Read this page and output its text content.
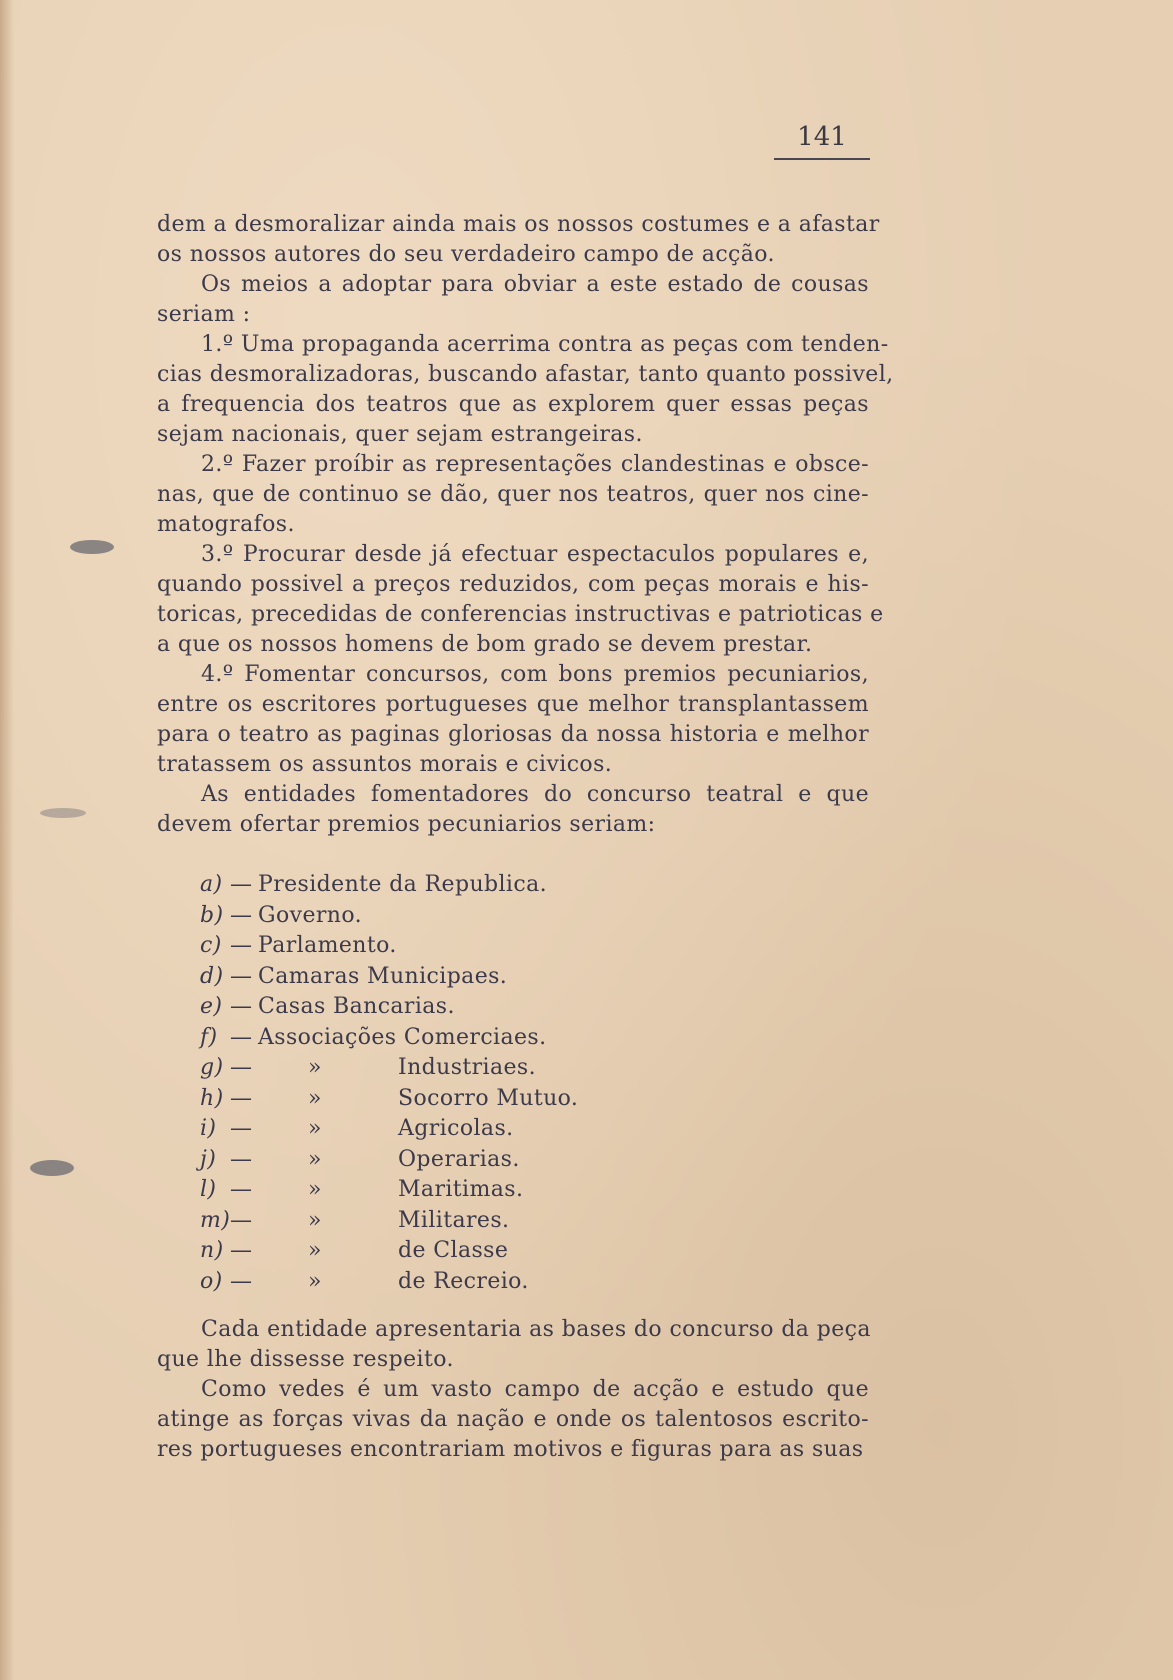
141

dem a desmoralizar ainda mais os nossos costumes e a afastar
os nossos autores do seu verdadeiro campo de acção.

Os meios a adoptar para obviar a este estado de cousas
seriam :

1.º Uma propaganda acerrima contra as peças com tenden-
cias desmoralizadoras, buscando afastar, tanto quanto possivel,
a frequencia dos teatros que as explorem quer essas peças
sejam nacionais, quer sejam estrangeiras.

2.º Fazer proíbir as representações clandestinas e obsce-
nas, que de continuo se dão, quer nos teatros, quer nos cine-
matografos.

3.º Procurar desde já efectuar espectaculos populares e,
quando possivel a preços reduzidos, com peças morais e his-
toricas, precedidas de conferencias instructivas e patrioticas e
a que os nossos homens de bom grado se devem prestar.

4.º Fomentar concursos, com bons premios pecuniarios,
entre os escritores portugueses que melhor transplantassem
para o teatro as paginas gloriosas da nossa historia e melhor
tratassem os assuntos morais e civicos.

As entidades fomentadores do concurso teatral e que
devem ofertar premios pecuniarios seriam:

a) — Presidente da Republica.
b) — Governo.
c) — Parlamento.
d) — Camaras Municipaes.
e) — Casas Bancarias.
f) — Associações Comerciaes.
g) —	»	Industriaes.
h) —	»	Socorro Mutuo.
i) —	»	Agricolas.
j) —	»	Operarias.
l) —	»	Maritimas.
m) —	»	Militares.
n) —	»	de Classe
o) —	»	de Recreio.

Cada entidade apresentaria as bases do concurso da peça
que lhe dissesse respeito.

Como vedes é um vasto campo de acção e estudo que
atinge as forças vivas da nação e onde os talentosos escrito-
res portugueses encontrariam motivos e figuras para as suas
